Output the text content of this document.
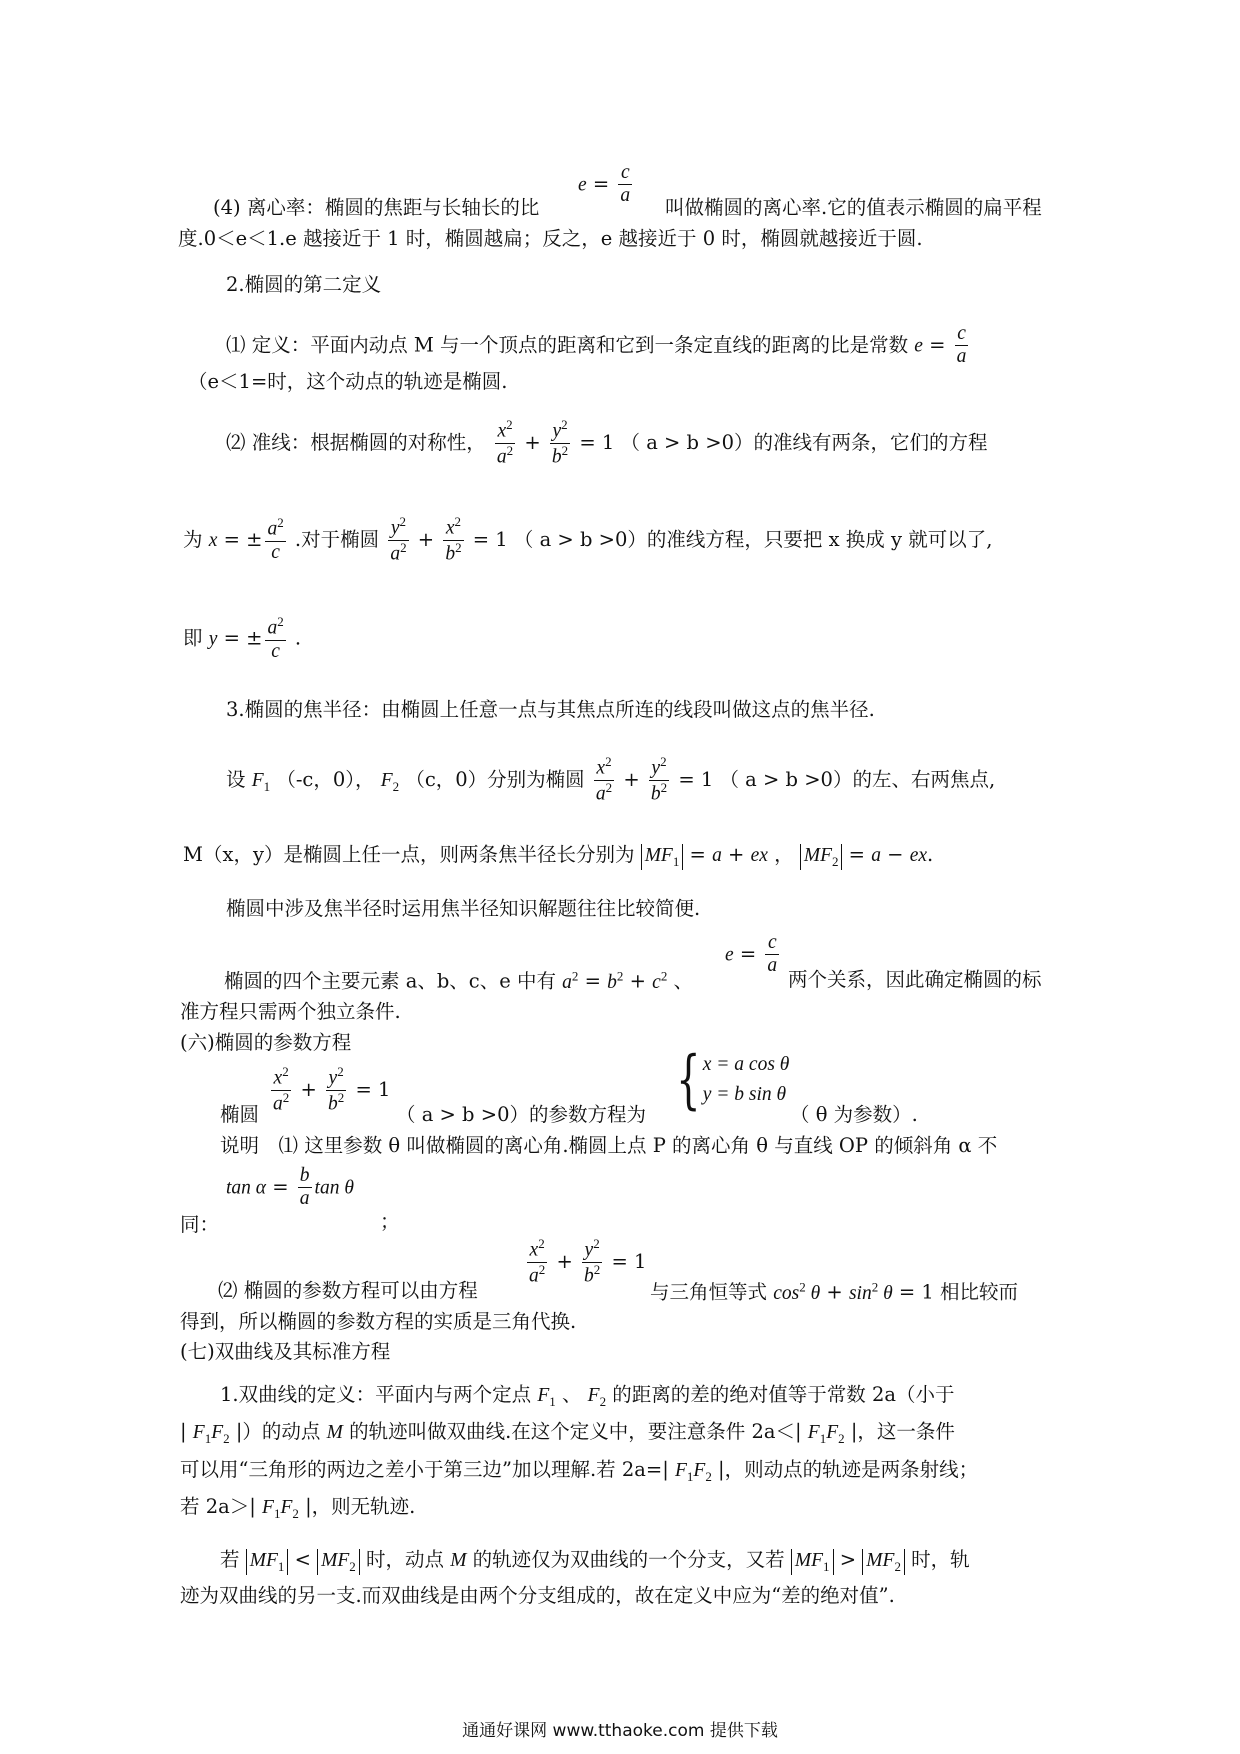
$e = \frac{c}{a}$
(4) 离心率：椭圆的焦距与长轴长的比	叫做椭圆的离心率.它的值表示椭圆的扁平程
度.0＜e＜1.e 越接近于 1 时，椭圆越扁；反之，e 越接近于 0 时，椭圆就越接近于圆.
2.椭圆的第二定义
⑴ 定义：平面内动点 M 与一个顶点的距离和它到一条定直线的距离的比是常数 $e = \frac{c}{a}$
（e＜1=时，这个动点的轨迹是椭圆.
⑵ 准线：根据椭圆的对称性， $\frac{x^2}{a^2} + \frac{y^2}{b^2} = 1$ （ a > b >0）的准线有两条，它们的方程
为 x = ± $\frac{a^2}{c}$ .对于椭圆 $\frac{y^2}{a^2} + \frac{x^2}{b^2} = 1$ （ a > b >0）的准线方程，只要把 x 换成 y 就可以了,
即 y = ± $\frac{a^2}{c}$ .
3.椭圆的焦半径：由椭圆上任意一点与其焦点所连的线段叫做这点的焦半径.
设 $F_1$ （-c，0）， $F_2$ （c，0）分别为椭圆 $\frac{x^2}{a^2} + \frac{y^2}{b^2} = 1$ （ a > b >0）的左、右两焦点,
M（x，y）是椭圆上任一点，则两条焦半径长分别为 $MF_1 = a$ + ex ， $MF_2 = a$ − ex.
椭圆中涉及焦半径时运用焦半径知识解题往往比较简便.
$e = \frac{c}{a}$
椭圆的四个主要元素 a、b、c、e 中有 $a^2 = b^2 + c^2$ 、	两个关系，因此确定椭圆的标
准方程只需两个独立条件.
(六)椭圆的参数方程
$\frac{x^2}{a^2} + \frac{y^2}{b^2} = 1$	{ x = a cos θ
y = b sin θ
椭圆	（ a > b >0）的参数方程为	（ θ 为参数）.
说明　⑴ 这里参数 θ 叫做椭圆的离心角.椭圆上点 P 的离心角 θ 与直线 OP 的倾斜角 α 不
$\tan \alpha = \frac{b}{a}$ tan θ
同：	；
$\frac{x^2}{a^2} + \frac{y^2}{b^2} = 1$
⑵ 椭圆的参数方程可以由方程	与三角恒等式 $\cos^2 \theta + \sin^2 \theta = 1$ 相比较而
得到，所以椭圆的参数方程的实质是三角代换.
(七)双曲线及其标准方程
1.双曲线的定义：平面内与两个定点 $F_1$ 、 $F_2$ 的距离的差的绝对值等于常数 2a（小于
| $F_1F_2$ |）的动点 M 的轨迹叫做双曲线.在这个定义中，要注意条件 2a＜| $F_1F_2$ |，这一条件
可以用“三角形的两边之差小于第三边”加以理解.若 2a=| $F_1F_2$ |，则动点的轨迹是两条射线；
若 2a＞| $F_1F_2$ |，则无轨迹.
若 $MF_1 < MF_2$ 时，动点 M 的轨迹仅为双曲线的一个分支，又若 $MF_1 > MF_2$ 时，轨
迹为双曲线的另一支.而双曲线是由两个分支组成的，故在定义中应为“差的绝对值”.
通通好课网 www.tthaoke.com 提供下载
